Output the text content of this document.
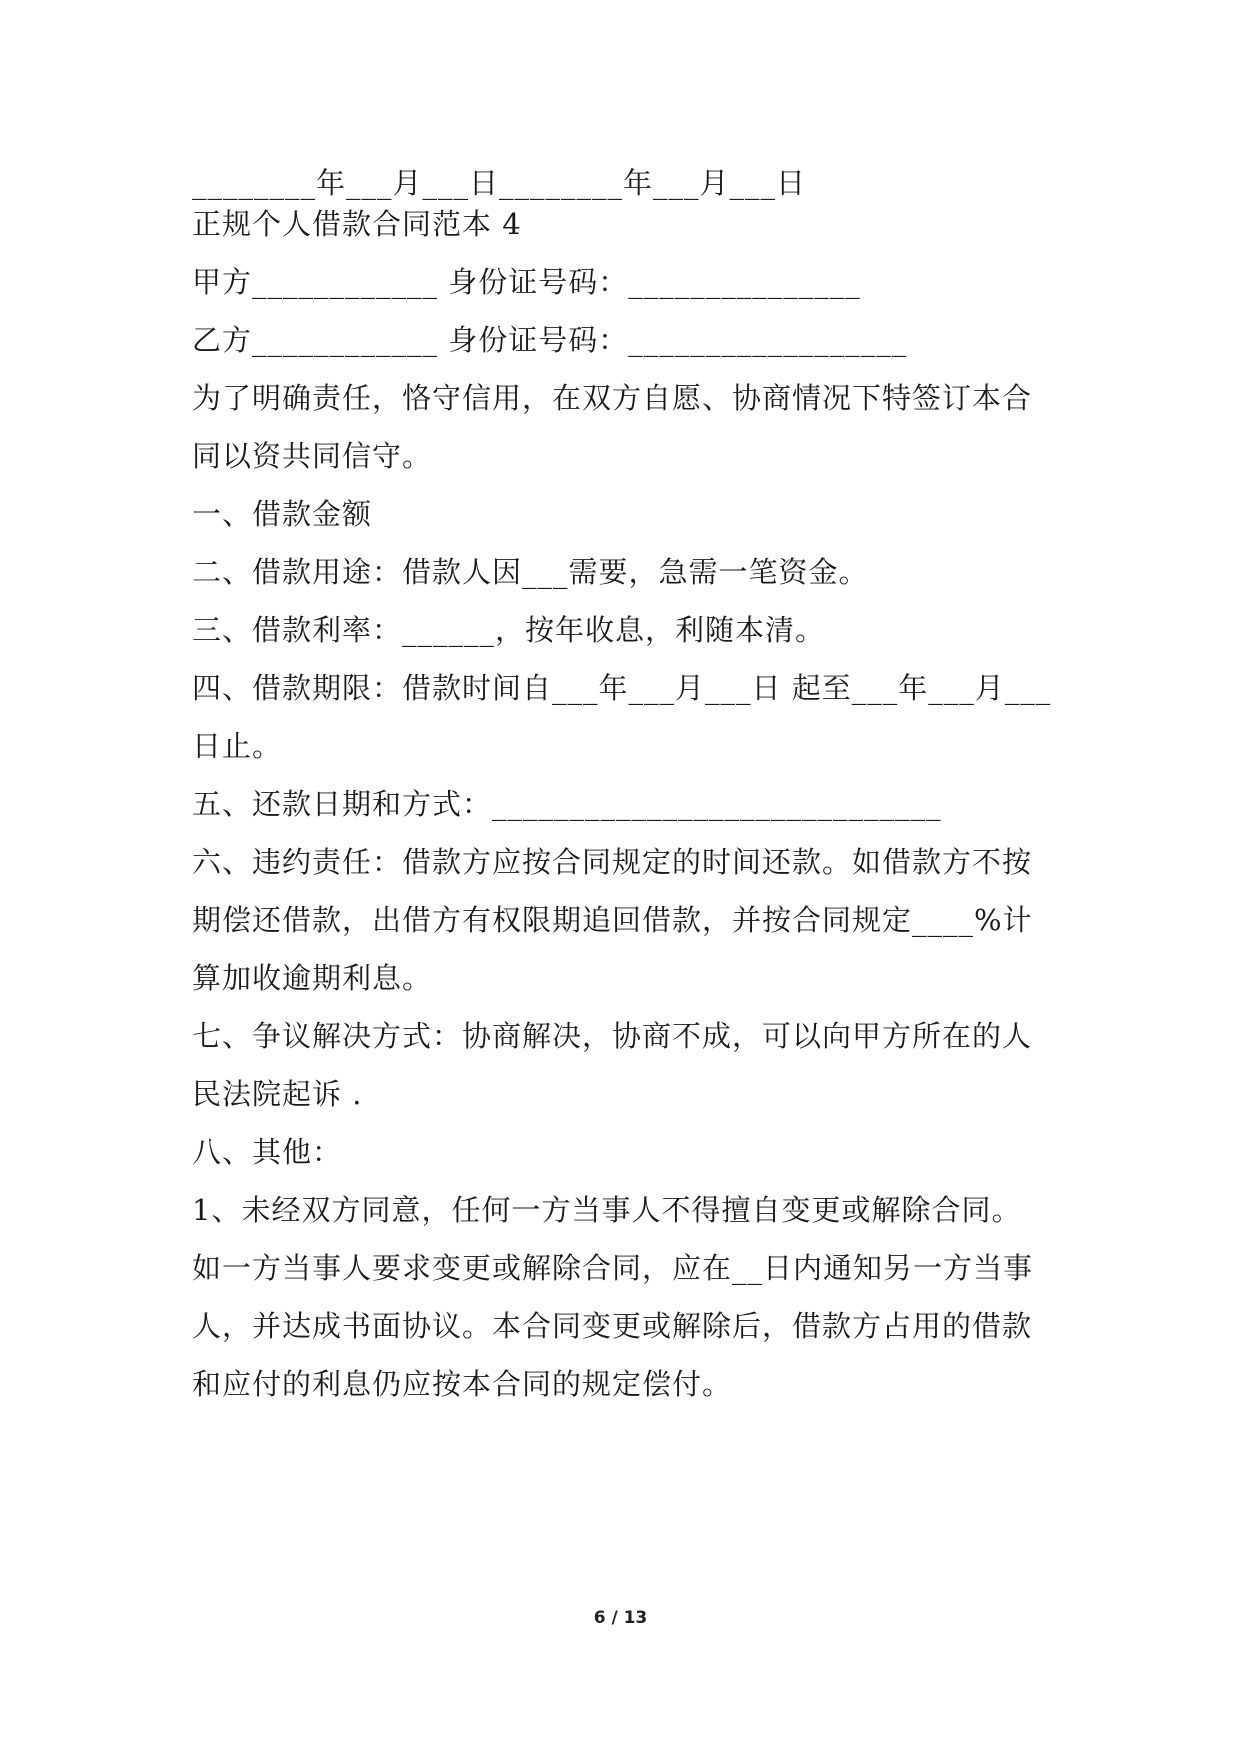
________年___月___日________年___月___日
正规个人借款合同范本 4
甲方____________ 身份证号码：_______________
乙方____________ 身份证号码：__________________
为了明确责任，恪守信用，在双方自愿、协商情况下特签订本合
同以资共同信守。
一、借款金额
二、借款用途：借款人因___需要，急需一笔资金。
三、借款利率：______，按年收息，利随本清。
四、借款期限：借款时间自___年___月___日 起至___年___月___
日止。
五、还款日期和方式：_____________________________
六、违约责任：借款方应按合同规定的时间还款。如借款方不按
期偿还借款，出借方有权限期追回借款，并按合同规定____%计
算加收逾期利息。
七、争议解决方式：协商解决，协商不成，可以向甲方所在的人
民法院起诉 .
八、其他：
1、未经双方同意，任何一方当事人不得擅自变更或解除合同。
如一方当事人要求变更或解除合同，应在__日内通知另一方当事
人，并达成书面协议。本合同变更或解除后，借款方占用的借款
和应付的利息仍应按本合同的规定偿付。
6 / 13
